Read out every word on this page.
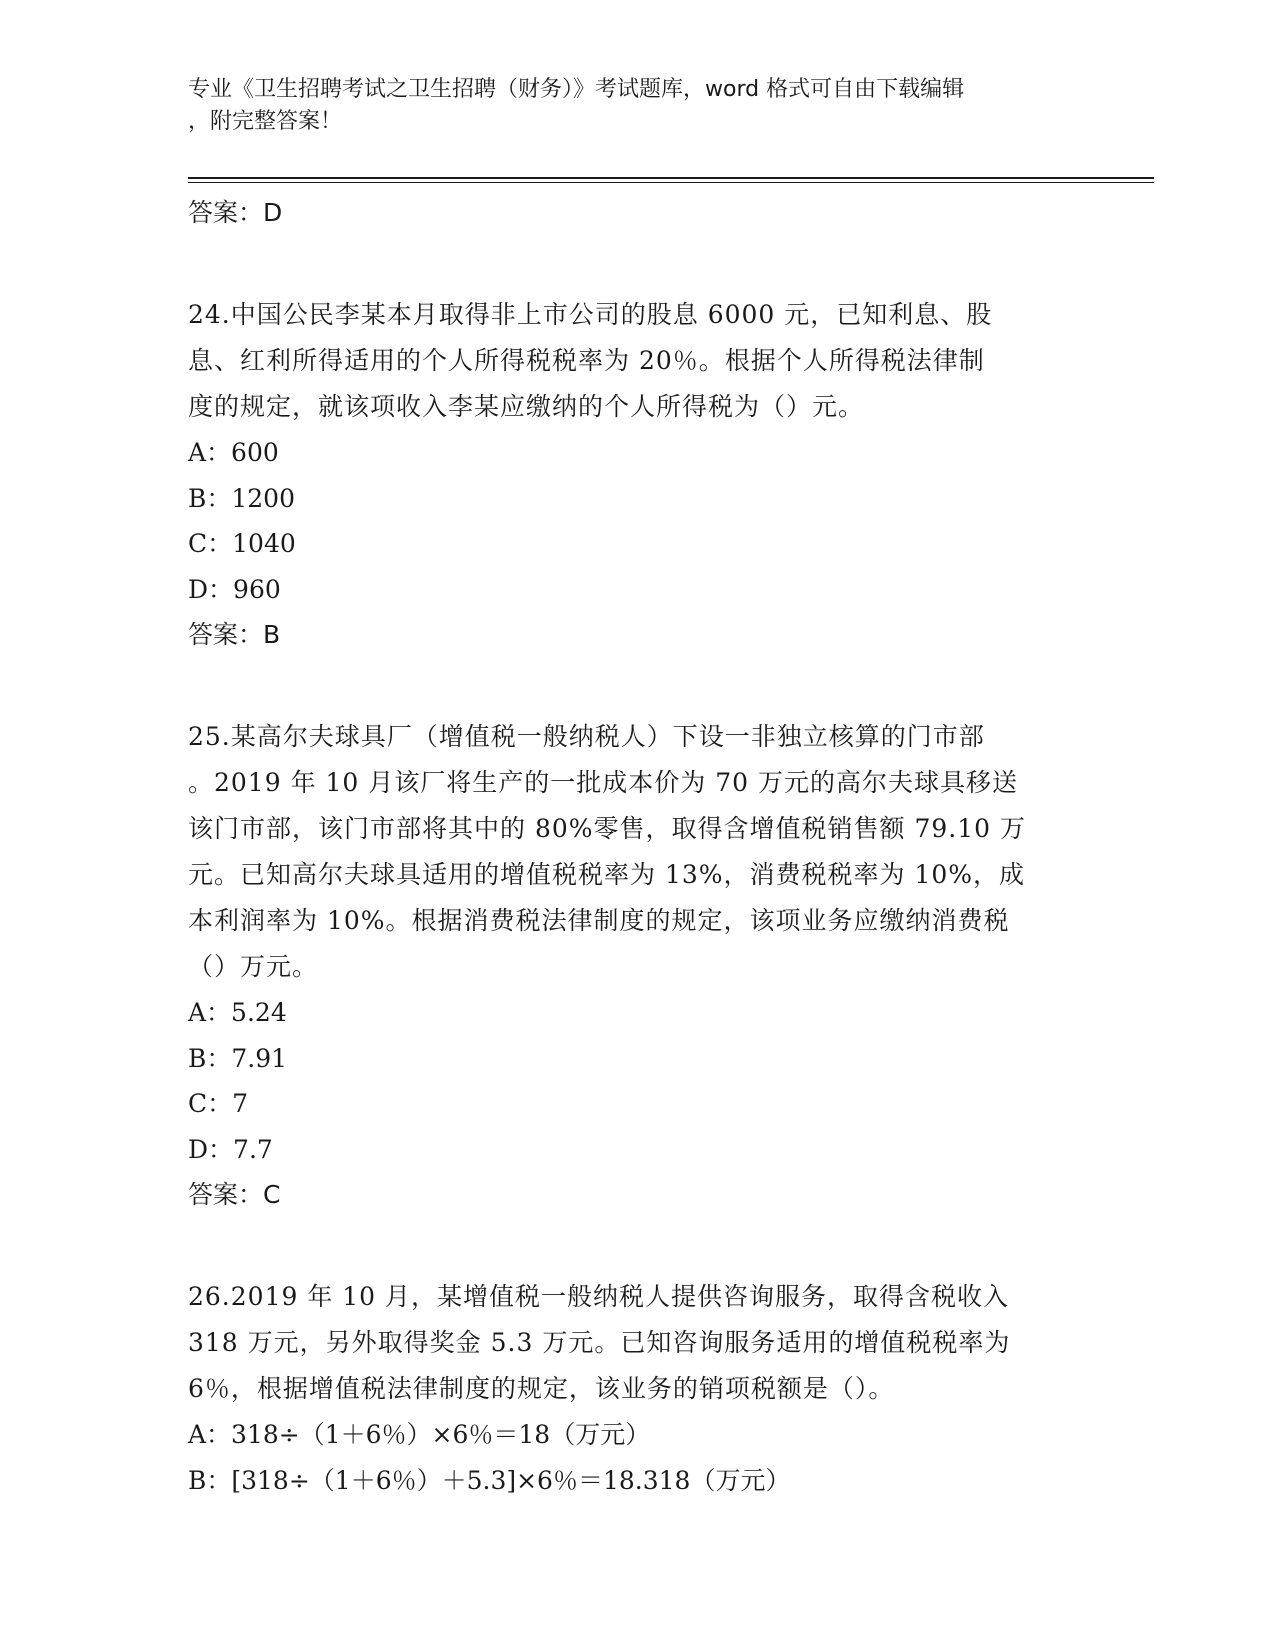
专业《卫生招聘考试之卫生招聘（财务）》考试题库，word 格式可自由下载编辑
，附完整答案！
答案：D
24.中国公民李某本月取得非上市公司的股息 6000 元，已知利息、股
息、红利所得适用的个人所得税税率为 20％。根据个人所得税法律制
度的规定，就该项收入李某应缴纳的个人所得税为（）元。
A：600
B：1200
C：1040
D：960
答案：B
25.某高尔夫球具厂（增值税一般纳税人）下设一非独立核算的门市部
。2019 年 10 月该厂将生产的一批成本价为 70 万元的高尔夫球具移送
该门市部，该门市部将其中的 80%零售，取得含增值税销售额 79.10 万
元。已知高尔夫球具适用的增值税税率为 13%，消费税税率为 10%，成
本利润率为 10%。根据消费税法律制度的规定，该项业务应缴纳消费税
（）万元。
A：5.24
B：7.91
C：7
D：7.7
答案：C
26.2019 年 10 月，某增值税一般纳税人提供咨询服务，取得含税收入
318 万元，另外取得奖金 5.3 万元。已知咨询服务适用的增值税税率为
6％，根据增值税法律制度的规定，该业务的销项税额是（）。
A：318÷（1＋6％）×6％＝18（万元）
B：[318÷（1＋6％）＋5.3]×6％＝18.318（万元）
